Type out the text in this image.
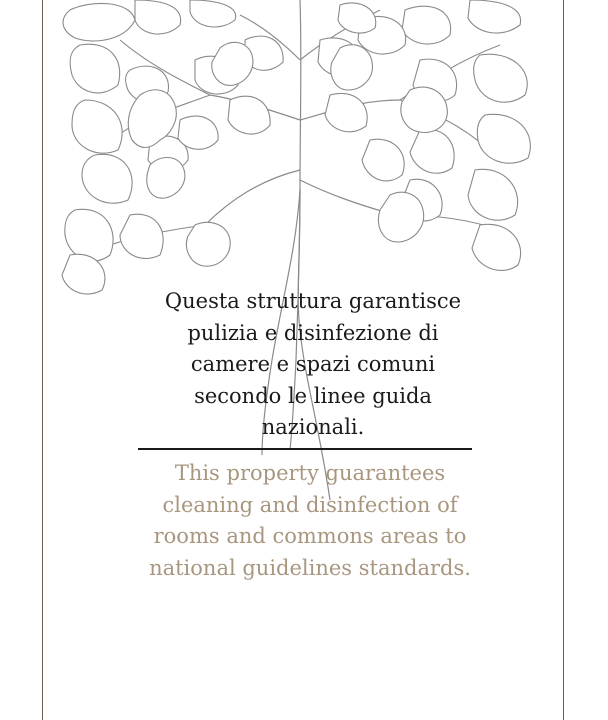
Questa struttura garantisce
pulizia e disinfezione di
camere e spazi comuni
secondo le linee guida
nazionali.
This property guarantees
cleaning and disinfection of
rooms and commons areas to
national guidelines standards.
